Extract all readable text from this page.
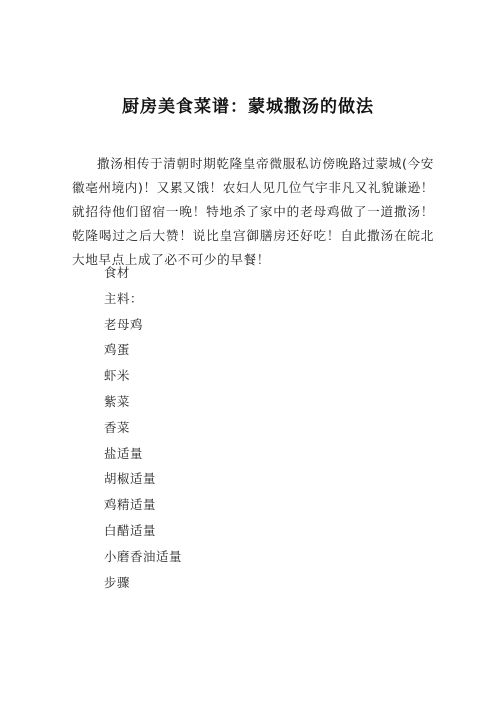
厨房美食菜谱：蒙城撒汤的做法

撒汤相传于清朝时期乾隆皇帝微服私访傍晚路过蒙城(今安徽亳州境内)！又累又饿！农妇人见几位气宇非凡又礼貌谦逊！就招待他们留宿一晚！特地杀了家中的老母鸡做了一道撒汤！乾隆喝过之后大赞！说比皇宫御膳房还好吃！自此撒汤在皖北大地早点上成了必不可少的早餐！

食材
主料：
老母鸡
鸡蛋
虾米
紫菜
香菜
盐适量
胡椒适量
鸡精适量
白醋适量
小磨香油适量
步骤
